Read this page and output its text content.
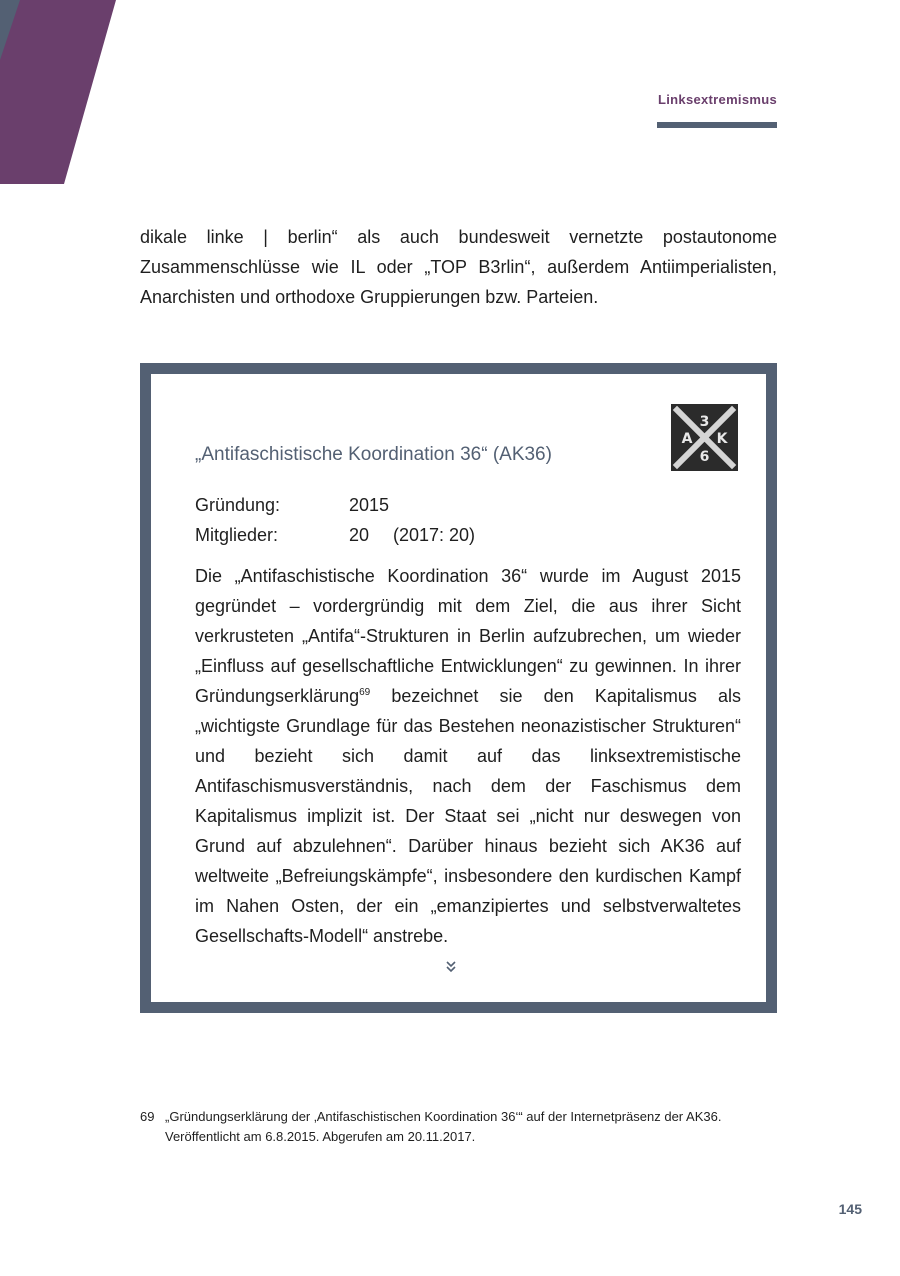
Linksextremismus

dikale linke | berlin“ als auch bundesweit vernetzte postautonome Zusammenschlüsse wie IL oder „TOP B3rlin“, außerdem Antiimperialisten, Anarchisten und orthodoxe Gruppierungen bzw. Parteien.

„Antifaschistische Koordination 36“ (AK36)
3
A K
6
Gründung:	2015
Mitglieder:	20	(2017: 20)

Die „Antifaschistische Koordination 36“ wurde im August 2015 gegründet – vordergründig mit dem Ziel, die aus ihrer Sicht verkrusteten „Antifa“-Strukturen in Berlin aufzubrechen, um wieder „Einfluss auf gesellschaftliche Entwicklungen“ zu gewinnen. In ihrer Gründungserklärung$^{69}$ bezeichnet sie den Kapitalismus als „wichtigste Grundlage für das Bestehen neonazistischer Strukturen“ und bezieht sich damit auf das linksextremistische Antifaschismusverständnis, nach dem der Faschismus dem Kapitalismus implizit ist. Der Staat sei „nicht nur deswegen von Grund auf abzulehnen“. Darüber hinaus bezieht sich AK36 auf weltweite „Befreiungskämpfe“, insbesondere den kurdischen Kampf im Nahen Osten, der ein „emanzipiertes und selbstverwaltetes Gesellschafts-Modell“ anstrebe.

69 „Gründungserklärung der ‚Antifaschistischen Koordination 36‘“ auf der Internetpräsenz der AK36. Veröffentlicht am 6.8.2015. Abgerufen am 20.11.2017.
145
